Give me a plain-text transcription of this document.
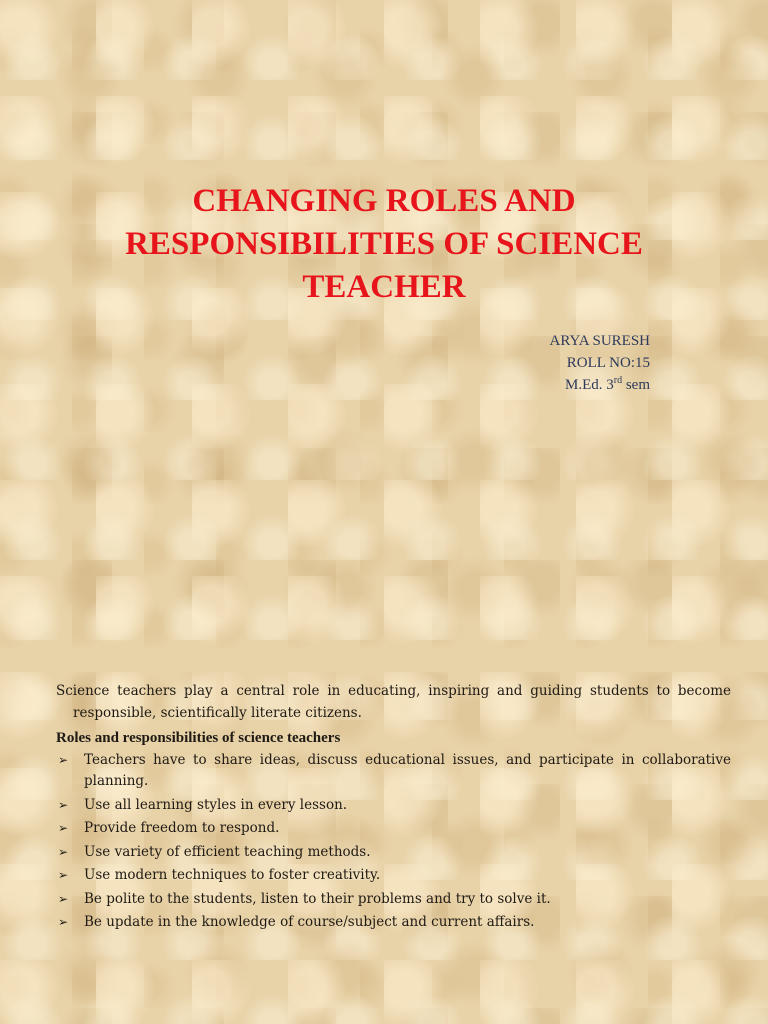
CHANGING ROLES AND
RESPONSIBILITIES OF SCIENCE
TEACHER
ARYA SURESH
ROLL NO:15
M.Ed. 3rd sem

Science teachers play a central role in educating, inspiring and guiding students to become responsible, scientifically literate citizens.

Roles and responsibilities of science teachers

➢ Teachers have to share ideas, discuss educational issues, and participate in collaborative planning.
➢ Use all learning styles in every lesson.
➢ Provide freedom to respond.
➢ Use variety of efficient teaching methods.
➢ Use modern techniques to foster creativity.
➢ Be polite to the students, listen to their problems and try to solve it.
➢ Be update in the knowledge of course/subject and current affairs.
